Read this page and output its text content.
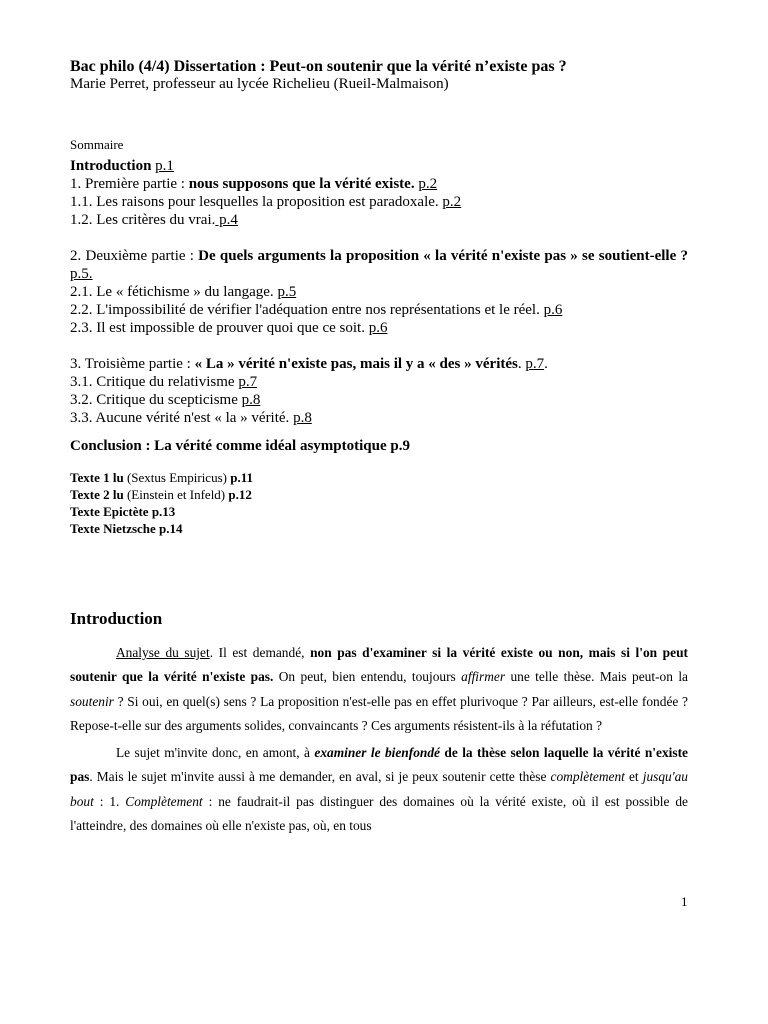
Bac philo (4/4) Dissertation : Peut-on soutenir que la vérité n’existe pas ?
Marie Perret, professeur au lycée Richelieu (Rueil-Malmaison)
Sommaire
Introduction p.1
1. Première partie : nous supposons que la vérité existe. p.2
1.1. Les raisons pour lesquelles la proposition est paradoxale. p.2
1.2. Les critères du vrai. p.4
2. Deuxième partie : De quels arguments la proposition « la vérité n'existe pas » se soutient-elle ? p.5.
2.1. Le « fétichisme » du langage. p.5
2.2. L'impossibilité de vérifier l'adéquation entre nos représentations et le réel. p.6
2.3. Il est impossible de prouver quoi que ce soit. p.6
3. Troisième partie : « La » vérité n'existe pas, mais il y a « des » vérités. p.7.
3.1. Critique du relativisme p.7
3.2. Critique du scepticisme p.8
3.3. Aucune vérité n'est « la » vérité. p.8
Conclusion : La vérité comme idéal asymptotique p.9
Texte 1 lu (Sextus Empiricus) p.11
Texte 2 lu (Einstein et Infeld) p.12
Texte Epictète p.13
Texte Nietzsche p.14
Introduction

Analyse du sujet. Il est demandé, non pas d'examiner si la vérité existe ou non, mais si l'on peut soutenir que la vérité n'existe pas. On peut, bien entendu, toujours affirmer une telle thèse. Mais peut-on la soutenir ? Si oui, en quel(s) sens ? La proposition n'est-elle pas en effet plurivoque ? Par ailleurs, est-elle fondée ? Repose-t-elle sur des arguments solides, convaincants ? Ces arguments résistent-ils à la réfutation ?

Le sujet m'invite donc, en amont, à examiner le bienfondé de la thèse selon laquelle la vérité n'existe pas. Mais le sujet m'invite aussi à me demander, en aval, si je peux soutenir cette thèse complètement et jusqu'au bout : 1. Complètement : ne faudrait-il pas distinguer des domaines où la vérité existe, où il est possible de l'atteindre, des domaines où elle n'existe pas, où, en tous

1
